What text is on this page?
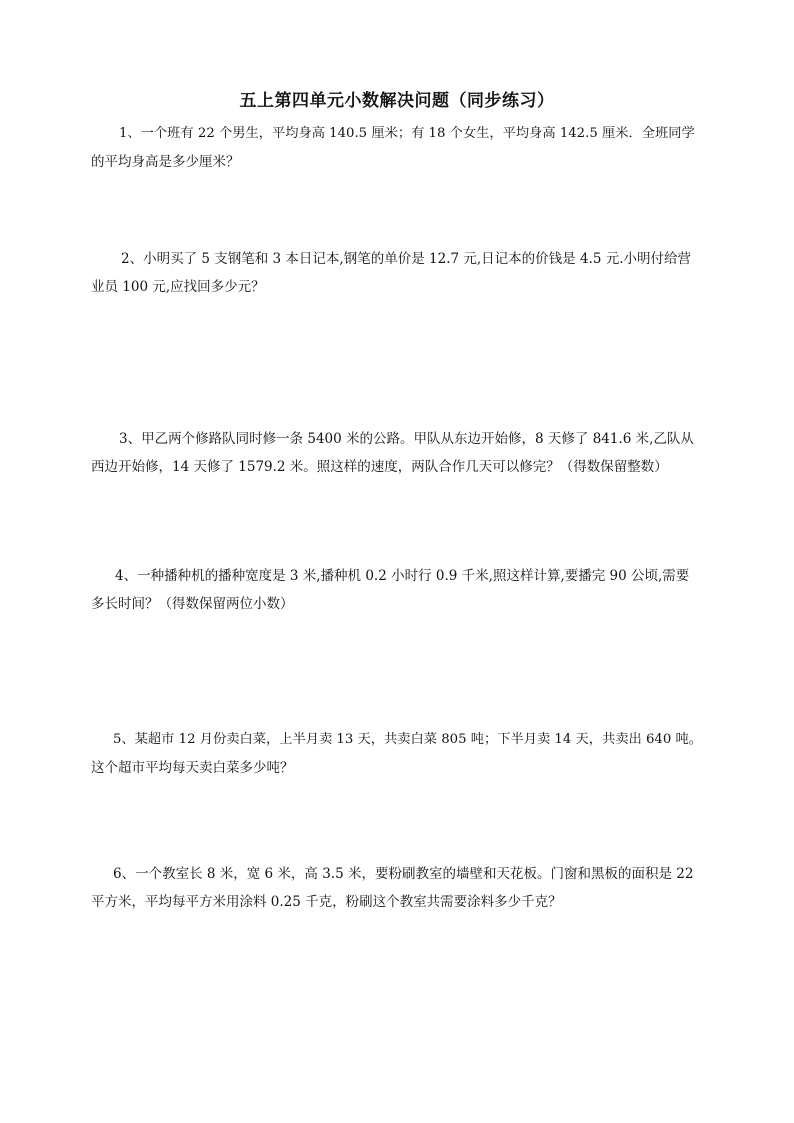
五上第四单元小数解决问题（同步练习）
1、一个班有 22 个男生，平均身高 140.5 厘米；有 18 个女生，平均身高 142.5 厘米．全班同学
的平均身高是多少厘米？
2、小明买了 5 支钢笔和 3 本日记本,钢笔的单价是 12.7 元,日记本的价钱是 4.5 元.小明付给营
业员 100 元,应找回多少元？
3、甲乙两个修路队同时修一条 5400 米的公路。甲队从东边开始修，8 天修了 841.6 米,乙队从
西边开始修，14 天修了 1579.2 米。照这样的速度，两队合作几天可以修完？（得数保留整数）
4、一种播种机的播种宽度是 3 米,播种机 0.2 小时行 0.9 千米,照这样计算,要播完 90 公顷,需要
多长时间？（得数保留两位小数）
5、某超市 12 月份卖白菜，上半月卖 13 天，共卖白菜 805 吨；下半月卖 14 天，共卖出 640 吨。
这个超市平均每天卖白菜多少吨？
6、一个教室长 8 米，宽 6 米，高 3.5 米，要粉刷教室的墙壁和天花板。门窗和黑板的面积是 22
平方米，平均每平方米用涂料 0.25 千克，粉刷这个教室共需要涂料多少千克？
